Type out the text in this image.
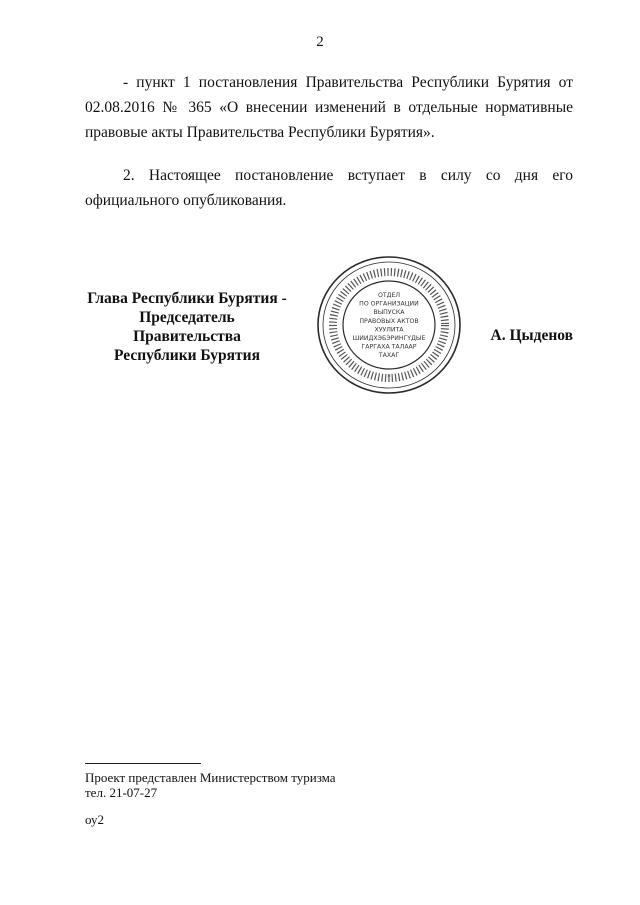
2

- пункт 1 постановления Правительства Республики Бурятия от 02.08.2016 № 365 «О внесении изменений в отдельные нормативные правовые акты Правительства Республики Бурятия».

2. Настоящее постановление вступает в силу со дня его официального опубликования.

Глава Республики Бурятия -
Председатель Правительства
Республики Бурятия
ОТДЕЛ
ПО ОРГАНИЗАЦИИ
ВЫПУСКА
ПРАВОВЫХ АКТОВ
ХУУЛИТА
ШИИДХЭБЭРИНГҮДЫЕ
ГАРГАХА ТАЛААР
ТАХАГ
*
А. Цыденов
Проект представлен Министерством туризма
тел. 21-07-27
оу2
